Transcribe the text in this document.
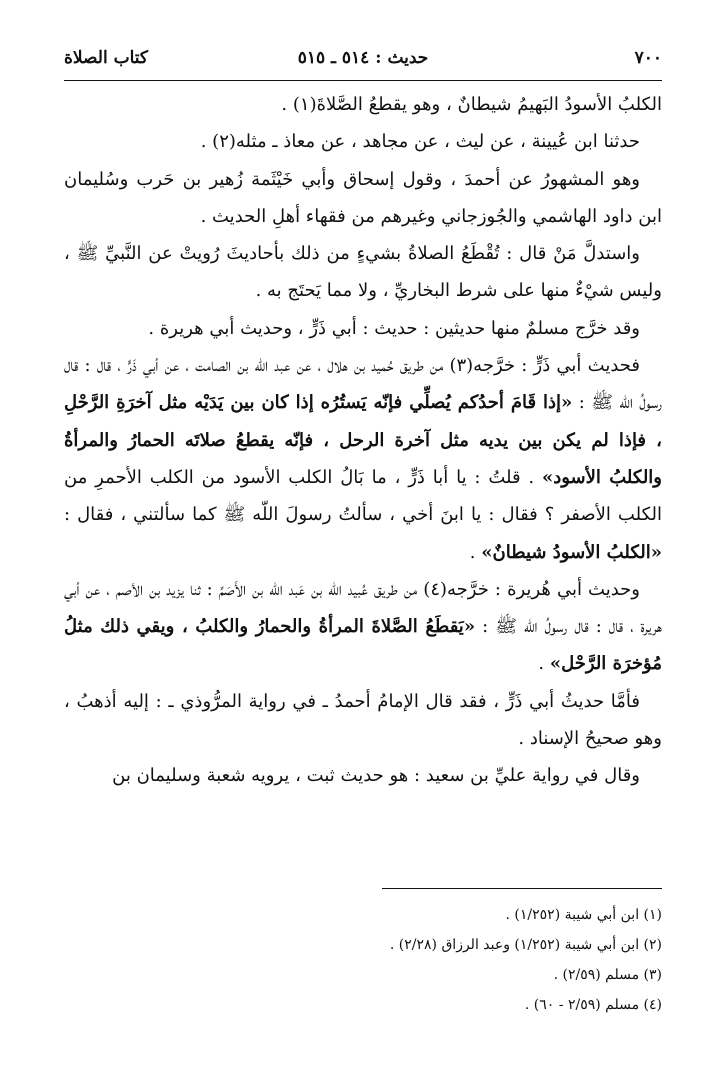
٧٠٠
حديث : ٥١٤ ـ ٥١٥
كتاب الصلاة

الكلبُ الأسودُ البَهيمُ شيطانٌ ، وهو يقطعُ الصَّلاةَ(١) .

حدثنا ابن عُيينة ، عن ليث ، عن مجاهد ، عن معاذ ـ مثله(٢) .

وهو المشهورُ عن أحمدَ ، وقول إسحاق وأبي خَيْثَمة زُهير بن حَرب وسُليمان ابن داود الهاشمي والجُوزجاني وغيرهم من فقهاء أهلِ الحديث .

واستدلَّ مَنْ قال : تُقْطَعُ الصلاةُ بشيءٍ من ذلك بأحاديثَ رُويتْ عن النَّبيِّ ﷺ ، وليس شيْءٌ منها على شرط البخاريِّ ، ولا مما يَحتَج به .

وقد خرَّج مسلمٌ منها حديثين : حديث : أبي ذَرٍّ ، وحديث أبي هريرة .

فحديث أبي ذَرٍّ : خرَّجه(٣) من طريق حُميد بن هلال ، عن عبد اللّه بن الصامت ، عن أبي ذَرٍّ ، قال : قال رسولُ اللّه ﷺ : «إذا قَامَ أحدُكم يُصلِّي فإنّه يَستُرُه إذا كان بين يَدَيْه مثل آخرَةِ الرَّحْلِ ، فإذا لم يكن بين يديه مثل آخرة الرحل ، فإنّه يقطعُ صلاتَه الحمارُ والمرأةُ والكلبُ الأسود» . قلتُ : يا أبا ذَرٍّ ، ما بَالُ الكلب الأسود من الكلب الأحمرِ من الكلب الأصفر ؟ فقال : يا ابنَ أخي ، سألتُ رسولَ اللّه ﷺ كما سألتني ، فقال : «الكلبُ الأسودُ شيطانٌ» .

وحديث أبي هُريرة : خرَّجه(٤) من طريق عُبيد اللّه بن عَبد اللّه بن الأَصَمِّ : ثنا يزيد بن الأصم ، عن أبي هريرة ، قال : قال رسولُ اللّه ﷺ : «يَقطَعُ الصَّلاةَ المرأةُ والحمارُ والكلبُ ، ويقي ذلك مثلُ مُؤخرَة الرَّحْل» .

فأمَّا حديثُ أبي ذَرٍّ ، فقد قال الإمامُ أحمدُ ـ في رواية المرُّوذي ـ : إليه أذهبُ ، وهو صحيحُ الإسناد .

وقال في رواية عليِّ بن سعيد : هو حديث ثبت ، يرويه شعبة وسليمان بن

(١) ابن أبي شيبة (١/٢٥٢) .
(٢) ابن أبي شيبة (١/٢٥٢) وعبد الرزاق (٢/٢٨) .
(٣) مسلم (٢/٥٩) .
(٤) مسلم (٢/٥٩ - ٦٠) .
